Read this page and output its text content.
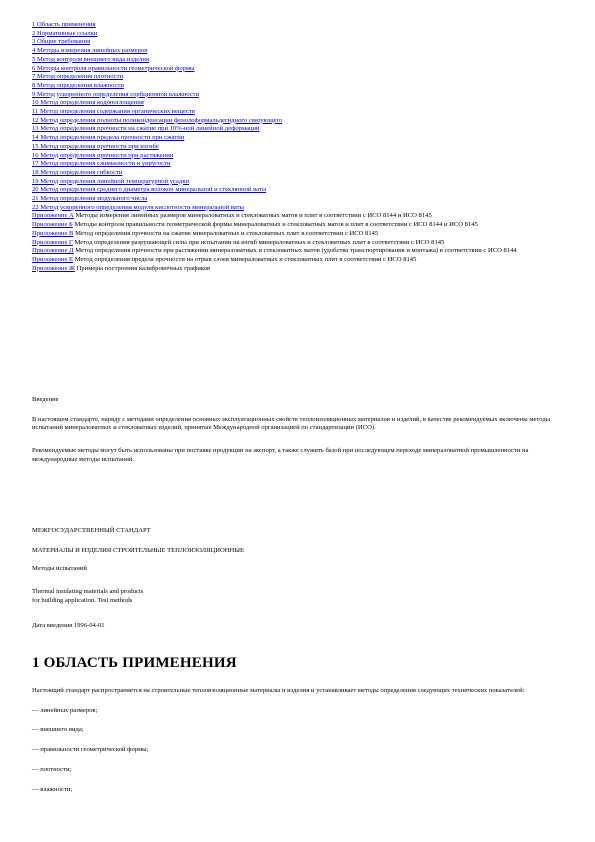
1 Область применения
2 Нормативные ссылки
3 Общие требования
4 Методы измерения линейных размеров
5 Метод контроля внешнего вида изделия
6 Методы контроля правильности геометрической формы
7 Метод определения плотности
8 Метод определения влажности
9 Метод ускоренного определения сорбционной влажности
10 Метод определения водопоглощения
11 Метод определения содержания органических веществ
12 Метод определения полноты поликонденсации фенолоформальдегидного связующего
13 Метод определения прочности на сжатие при 10%-ной линейной деформации
14 Метод определения предела прочности при сжатии
15 Метод определения прочности при изгибе
16 Метод определения прочности при растяжении
17 Метод определения сжимаемости и упругости
18 Метод определения гибкости
19 Метод определения линейной температурной усадки
20 Метод определения среднего диаметра волокон минеральной и стеклянной ваты
21 Метод определения модульного числа
22 Метод ускоренного определения модуля кислотности минеральной ваты
Приложение А Методы измерения линейных размеров минераловатных и стекловатных матов и плит в соответствии с ИСО 8144 и ИСО 8145
Приложение Б Методы контроля правильности геометрической формы минераловатных и стекловатных матов и плит в соответствии с ИСО 8144 и ИСО 8145
Приложение В Метод определения прочности на сжатие минераловатных и стекловатных плит в соответствии с ИСО 8145
Приложение Г Метод определения разрушающей силы при испытании на изгиб минераловатных и стекловатных плит в соответствии с ИСО 8145
Приложение Д Метод определения прочности при растяжении минераловатных и стекловатных матов (удобства транспортирования и монтажа) в соответствии с ИСО 8144
Приложение Е Метод определения предела прочности на отрыв слоев минераловатных и стекловатных плит в соответствии с ИСО 8145
Приложение Ж Примеры построения калибровочных графиков

Введение

В настоящем стандарте, наряду с методами определения основных эксплуатационных свойств теплоизоляционных материалов и изделий, в качестве рекомендуемых включены методы испытаний минераловатных и стекловатных изделий, принятые Международной организацией по стандартизации (ИСО).

Рекомендуемые методы могут быть использованы при поставке продукции на экспорт, а также служить базой при последующем переходе минераловатной промышленности на международные методы испытаний.

МЕЖГОСУДАРСТВЕННЫЙ СТАНДАРТ

МАТЕРИАЛЫ И ИЗДЕЛИЯ СТРОИТЕЛЬНЫЕ ТЕПЛОИЗОЛЯЦИОННЫЕ

Методы испытаний

Thermal insulating materials and products

for building application. Test methods

Дата введения 1996-04-01

1 ОБЛАСТЬ ПРИМЕНЕНИЯ

Настоящий стандарт распространяется на строительные теплоизоляционные материалы и изделия и устанавливает методы определения следующих технических показателей:

— линейных размеров;

— внешнего вида;

— правильности геометрической формы;

— плотности;

— влажности;
